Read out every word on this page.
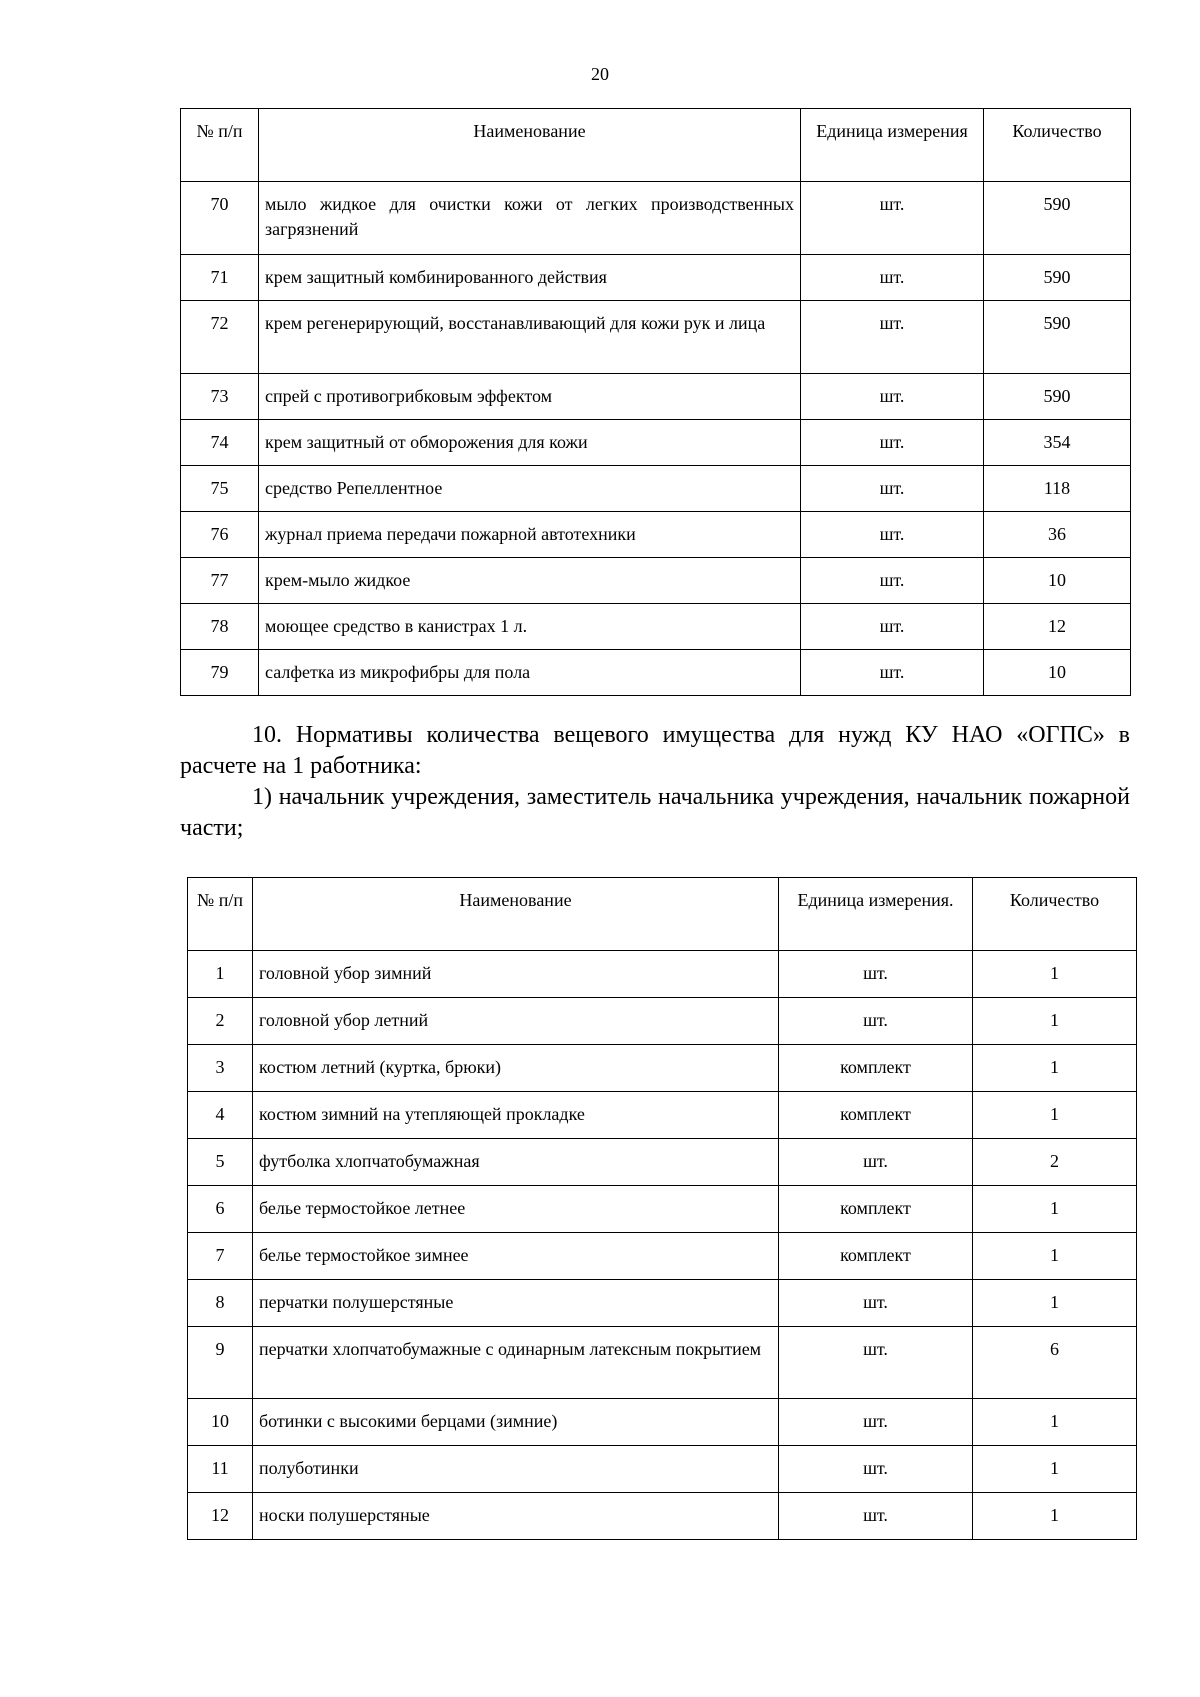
20
№ п/п	Наименование	Единица измерения	Количество
70	мыло жидкое для очистки кожи от легких производственных загрязнений	шт.	590
71	крем защитный комбинированного действия	шт.	590
72	крем регенерирующий, восстанавливающий для кожи рук и лица	шт.	590
73	спрей с противогрибковым эффектом	шт.	590
74	крем защитный от обморожения для кожи	шт.	354
75	средство Репеллентное	шт.	118
76	журнал приема передачи пожарной автотехники	шт.	36
77	крем-мыло жидкое	шт.	10
78	моющее средство в канистрах 1 л.	шт.	12
79	салфетка из микрофибры для пола	шт.	10
10. Нормативы количества вещевого имущества для нужд КУ НАО «ОГПС» в расчете на 1 работника:
1) начальник учреждения, заместитель начальника учреждения, начальник пожарной части;
№ п/п	Наименование	Единица измерения.	Количество
1	головной убор зимний	шт.	1
2	головной убор летний	шт.	1
3	костюм летний (куртка, брюки)	комплект	1
4	костюм зимний на утепляющей прокладке	комплект	1
5	футболка хлопчатобумажная	шт.	2
6	белье термостойкое летнее	комплект	1
7	белье термостойкое зимнее	комплект	1
8	перчатки полушерстяные	шт.	1
9	перчатки хлопчатобумажные с одинарным латексным покрытием	шт.	6
10	ботинки с высокими берцами (зимние)	шт.	1
11	полуботинки	шт.	1
12	носки полушерстяные	шт.	1
